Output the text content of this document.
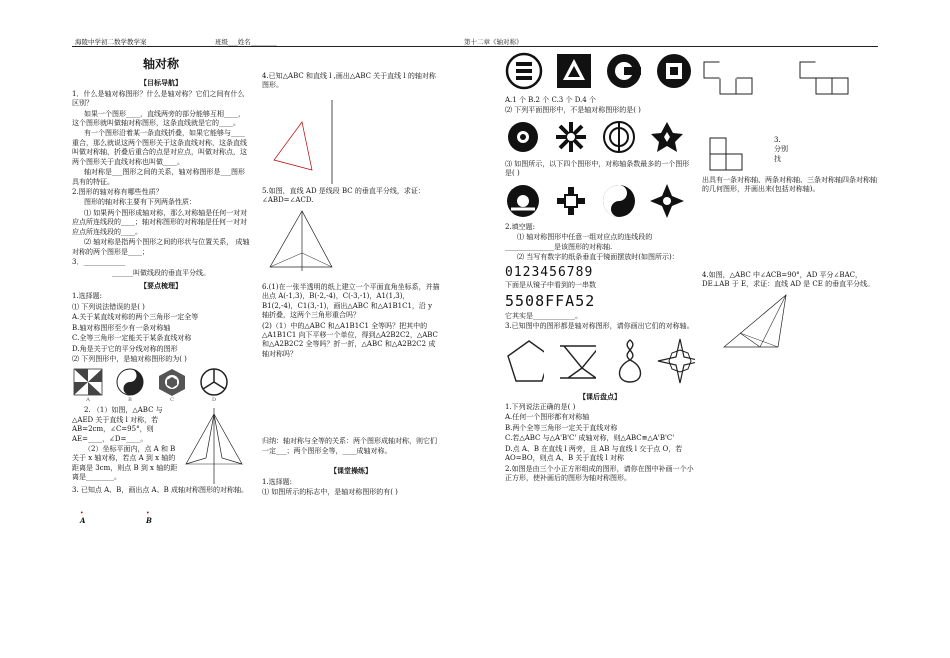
海陵中学初二数学教学案	班级___姓名________	第十二章《轴对称》
轴对称
【目标导航】

1．什么是轴对称图形？什么是轴对称？它们之间有什么区别？

如果一个图形____，直线两旁的部分能够互相____，这个图形就叫做轴对称图形，这条直线就是它的____。

有一个图形沿着某一条直线折叠，如果它能够与____重合，那么就说这两个图形关于这条直线对称，这条直线叫做对称轴，折叠后重合的点是对应点，叫做对称点，这两个图形关于直线对称也叫做____。

轴对称是___图形之间的关系，轴对称图形是___图形具有的特征。

2.图形的轴对称有哪些性质？

图形的轴对称主要有下列两条性质：

⑴ 如果两个图形成轴对称，那么对称轴是任何一对对应点所连线段的____；轴对称图形的对称轴是任何一对对应点所连线段的____。

⑵ 轴对称是指两个图形之间的形状与位置关系， 成轴对称的两个图形是____；

3．____________

______叫做线段的垂直平分线。

【要点梳理】

1.选择题:

⑴ 下列说法错误的是( )

A.关于某直线对称的两个三角形一定全等

B.轴对称图形至少有一条对称轴

C.全等三角形一定能关于某条直线对称

D.角是关于它的平分线对称的图形

⑵ 下列图形中，是轴对称图形的为( )

A	B	C	D

2. （1）如图，△ABC 与△AED 关于直线 l 对称，若 AB=2cm，∠C=95°，则 AE=____，∠D=____。

（2）坐标平面内，点 A 和 B 关于 x 轴对称，若点 A 到 x 轴的距离是 3cm，则点 B 到 x 轴的距离是________。

3. 已知点 A、B，画出点 A、B 成轴对称图形的对称轴。

•
A
•
B

4.已知△ABC 和直线 l ,画出△ABC 关于直线 l 的轴对称图形。

5.如图，直线 AD 是线段 BC 的垂直平分线，求证：∠ABD=∠ACD.

6.(1)在一张半透明的纸上建立一个平面直角坐标系，并描出点 A(-1,3)，B(-2,-4)，C(-3,-1)，A1(1,3)，B1(2,-4)，C1(3,-1)，画出△ABC 和△A1B1C1，沿 y 轴折叠，这两个三角形重合吗？

(2)（1）中的△ABC 和△A1B1C1 全等吗？把其中的△A1B1C1 向下平移一个单位，得到△A2B2C2，△ABC 和△A2B2C2 全等吗？折一折，△ABC 和△A2B2C2 成轴对称吗？

归纳：轴对称与全等的关系：两个图形成轴对称，则它们一定___；两个图形全等，____成轴对称。

【课堂操练】

1.选择题:

⑴ 如图所示的标志中，是轴对称图形的有( )

A.1 个 B.2 个 C.3 个 D.4 个

⑵ 下列平面图形中，不是轴对称图形的是( )

⑶ 如图所示，以下四个图形中，对称轴条数最多的一个图形是( )

2.填空题:

⑴ 轴对称图形中任意一组对应点的连线段的______________是该图形的对称轴.

⑵ 当写有数字的纸条垂直于镜面摆放时(如图所示)：

0123456789

下面是从镜子中看到的一串数

5508FFA52

它其实是____________。

3.已知图中的图形都是轴对称图形，请你画出它们的对称轴。

【课后盘点】

1.下列说法正确的是( )

A.任何一个图形都有对称轴

B.两个全等三角形一定关于直线对称

C.若△ABC 与△A'B'C' 成轴对称，则△ABC≌△A'B'C'

D.点 A、B 在直线 l 两旁，且 AB 与直线 l 交于点 O，若 AO=BO，则点 A、B 关于直线 l 对称

2.如图是由三个小正方形组成的图形，请你在图中补画一个小正方形，使补画后的图形为轴对称图形。

3. 分别找

出具有一条对称轴、两条对称轴、三条对称轴四条对称轴的几何图形，并画出来(包括对称轴)。

4.如图，△ABC 中∠ACB=90°，AD 平分∠BAC，DE⊥AB 于 E，求证：直线 AD 是 CE 的垂直平分线。
